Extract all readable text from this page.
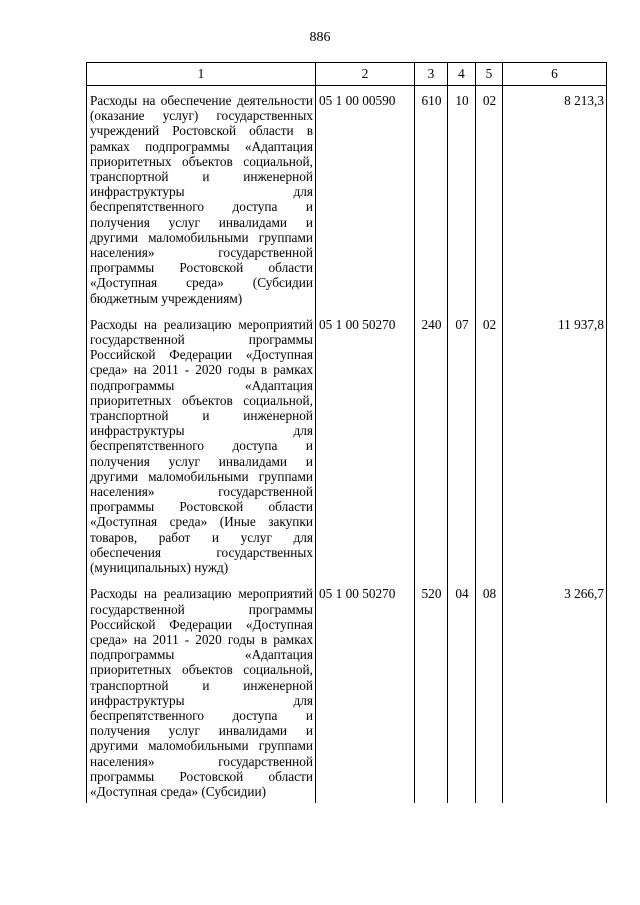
886
1	2	3	4	5	6
Расходы на обеспечение деятельности (оказание услуг) государственных учреждений Ростовской области в рамках подпрограммы «Адаптация приоритетных объектов социальной, транспортной и инженерной инфраструктуры для беспрепятственного доступа и получения услуг инвалидами и другими маломобильными группами населения» государственной программы Ростовской области «Доступная среда» (Субсидии бюджетным учреждениям)	05 1 00 00590	610	10	02	8 213,3
Расходы на реализацию мероприятий государственной программы Российской Федерации «Доступная среда» на 2011 - 2020 годы в рамках подпрограммы «Адаптация приоритетных объектов социальной, транспортной и инженерной инфраструктуры для беспрепятственного доступа и получения услуг инвалидами и другими маломобильными группами населения» государственной программы Ростовской области «Доступная среда» (Иные закупки товаров, работ и услуг для обеспечения государственных (муниципальных) нужд)	05 1 00 50270	240	07	02	11 937,8
Расходы на реализацию мероприятий государственной программы Российской Федерации «Доступная среда» на 2011 - 2020 годы в рамках подпрограммы «Адаптация приоритетных объектов социальной, транспортной и инженерной инфраструктуры для беспрепятственного доступа и получения услуг инвалидами и другими маломобильными группами населения» государственной программы Ростовской области «Доступная среда» (Субсидии)	05 1 00 50270	520	04	08	3 266,7
